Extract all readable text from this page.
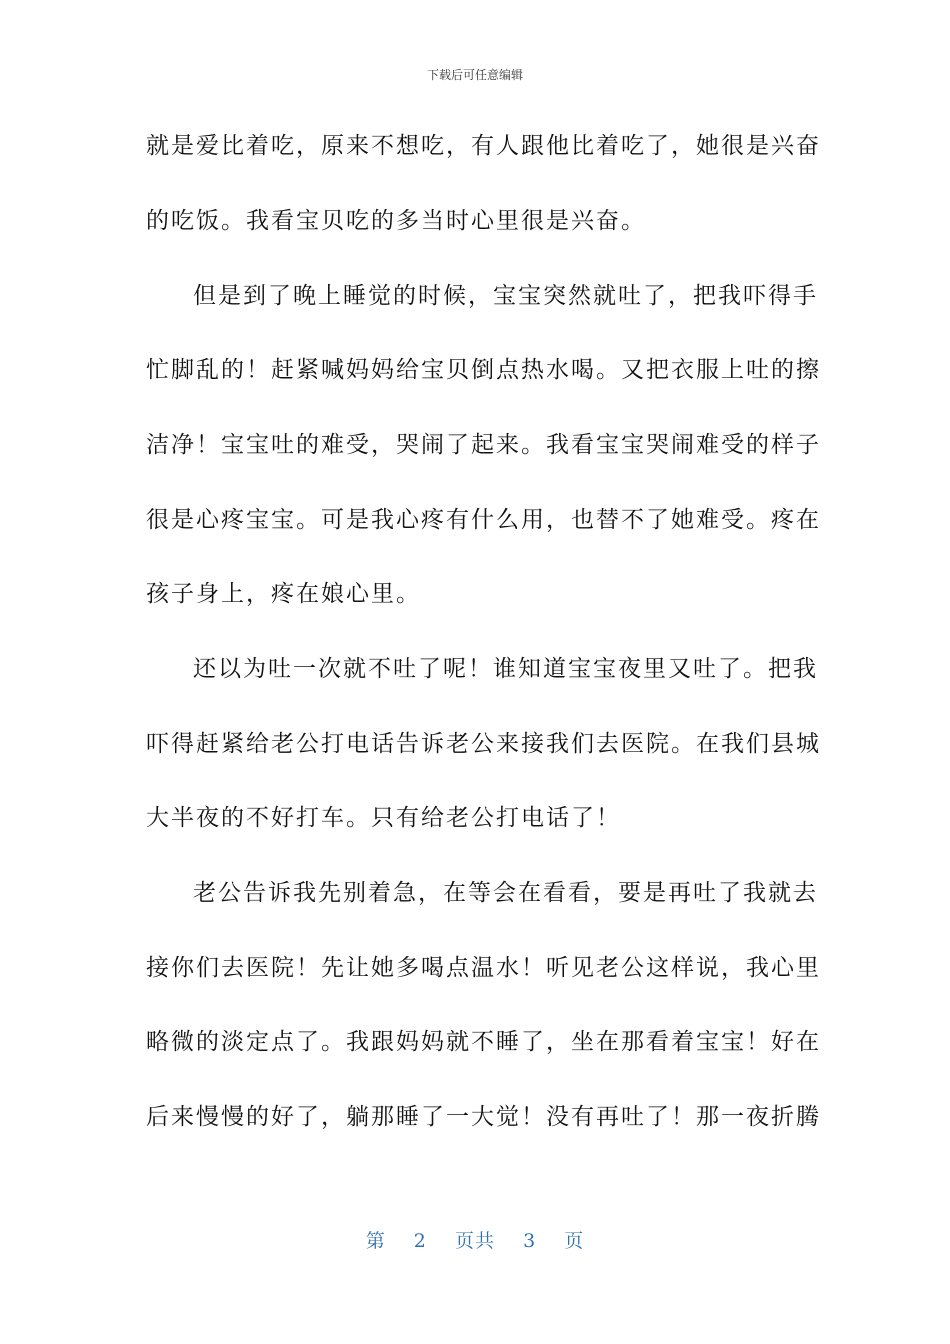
下载后可任意编辑
就是爱比着吃，原来不想吃，有人跟他比着吃了，她很是兴奋
的吃饭。我看宝贝吃的多当时心里很是兴奋。
但是到了晚上睡觉的时候，宝宝突然就吐了，把我吓得手
忙脚乱的！赶紧喊妈妈给宝贝倒点热水喝。又把衣服上吐的擦
洁净！宝宝吐的难受，哭闹了起来。我看宝宝哭闹难受的样子
很是心疼宝宝。可是我心疼有什么用，也替不了她难受。疼在
孩子身上，疼在娘心里。
还以为吐一次就不吐了呢！谁知道宝宝夜里又吐了。把我
吓得赶紧给老公打电话告诉老公来接我们去医院。在我们县城
大半夜的不好打车。只有给老公打电话了！
老公告诉我先别着急，在等会在看看，要是再吐了我就去
接你们去医院！先让她多喝点温水！听见老公这样说，我心里
略微的淡定点了。我跟妈妈就不睡了，坐在那看着宝宝！好在
后来慢慢的好了，躺那睡了一大觉！没有再吐了！那一夜折腾
第 2 页共 3 页
